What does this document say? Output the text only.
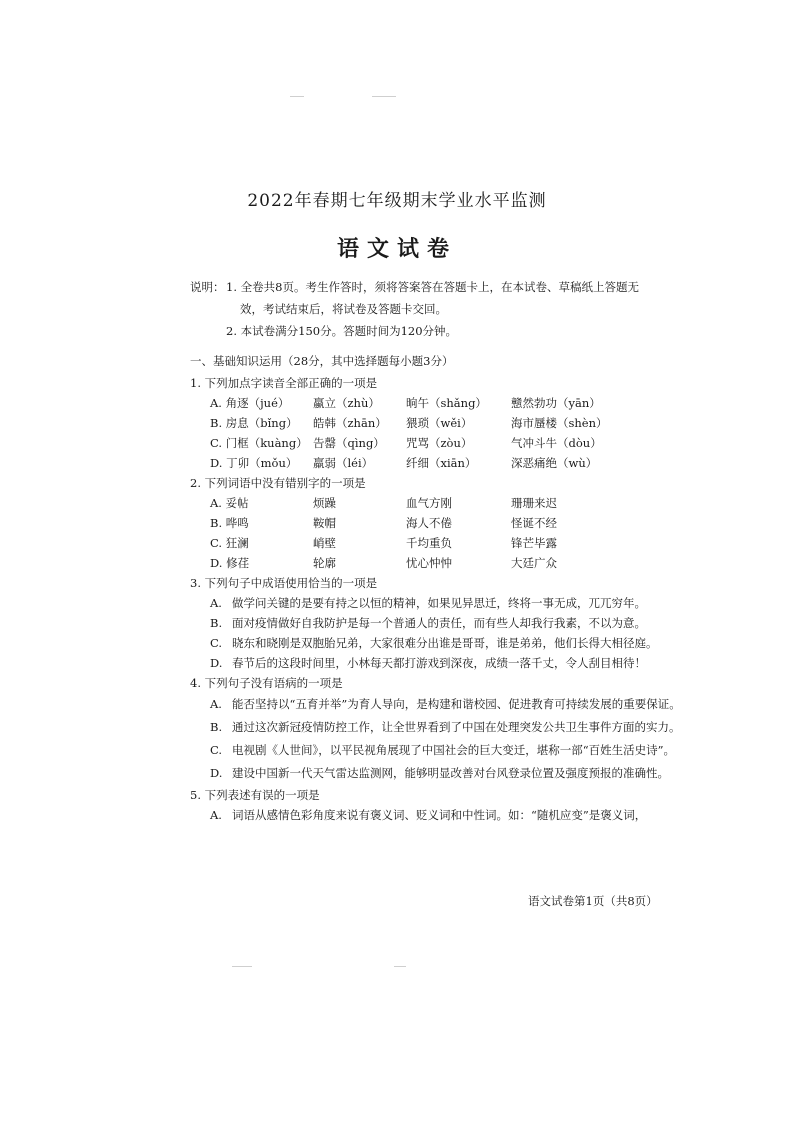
2022年春期七年级期末学业水平监测
语文试卷
说明： 1. 全卷共8页。考生作答时，须将答案答在答题卡上，在本试卷、草稿纸上答题无
效，考试结束后，将试卷及答题卡交回。
2. 本试卷满分150分。答题时间为120分钟。
一、基础知识运用（28分，其中选择题每小题3分）
1. 下列加点字读音全部正确的一项是
A. 角逐（jué）	蠃立（zhù）	晌午（shǎng）	戆然勃功（yān）
B. 房息（bǐng）	皓韩（zhān）	猥琐（wěi）	海市蜃楼（shèn）
C. 门框（kuàng） 告罄（qìng）	咒骂（zòu）	气冲斗牛（dòu）
D. 丁卯（mǒu）	羸弱（léi）	纤细（xiān）	深恶痛绝（wù）
2. 下列词语中没有错别字的一项是
A. 妥帖	烦躁	血气方刚	珊珊来迟
B. 哗鸣	鞍帽	海人不倦	怪诞不经
C. 狂澜	峭壁	千均重负	锋芒毕露
D. 修荏	轮廓	忧心忡忡	大廷广众
3. 下列句子中成语使用恰当的一项是
A. 做学问关键的是要有持之以恒的精神，如果见异思迁，终将一事无成，兀兀穷年。
B. 面对疫情做好自我防护是每一个普通人的责任，而有些人却我行我素，不以为意。
C. 晓东和晓刚是双胞胎兄弟，大家很难分出谁是哥哥，谁是弟弟，他们长得大相径庭。
D. 春节后的这段时间里，小林每天都打游戏到深夜，成绩一落千丈，令人刮目相待！
4. 下列句子没有语病的一项是
A. 能否坚持以“五育并举”为育人导向，是构建和谐校园、促进教育可持续发展的重要保证。
B. 通过这次新冠疫情防控工作，让全世界看到了中国在处理突发公共卫生事件方面的实力。
C. 电视剧《人世间》，以平民视角展现了中国社会的巨大变迁，堪称一部“百姓生活史诗”。
D. 建设中国新一代天气雷达监测网，能够明显改善对台风登录位置及强度预报的准确性。
5. 下列表述有误的一项是
A. 词语从感情色彩角度来说有褒义词、贬义词和中性词。如：“随机应变”是褒义词，
语文试卷第1页（共8页）
